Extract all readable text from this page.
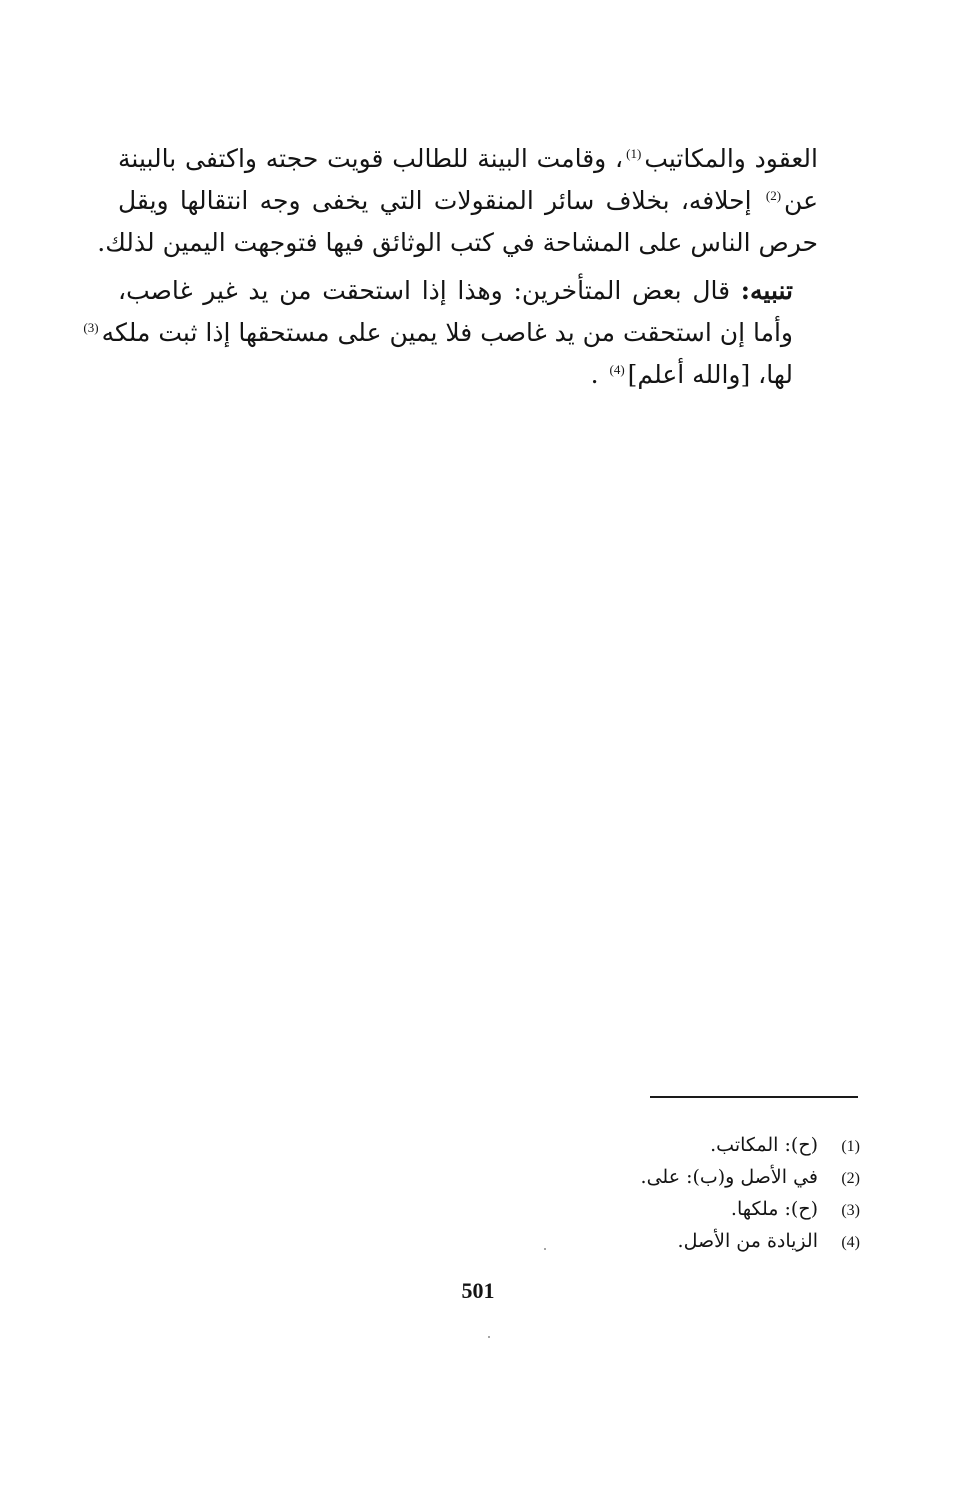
العقود والمكاتيب$^{(1)}$، وقامت البينة للطالب قويت حجته واكتفى بالبينة
عن$^{(2)}$ إحلافه، بخلاف سائر المنقولات التي يخفى وجه انتقالها ويقل
حرص الناس على المشاحة في كتب الوثائق فيها فتوجهت اليمين لذلك.

تنبيه: قال بعض المتأخرين: وهذا إذا استحقت من يد غير غاصب،
وأما إن استحقت من يد غاصب فلا يمين على مستحقها إذا ثبت ملكه$^{(3)}$
لها، [والله أعلم]$^{(4)}$ .

(1)
(ح): المكاتب.
(2)
في الأصل و(ب): على.
(3)
(ح): ملكها.
(4)
الزيادة من الأصل.
501
